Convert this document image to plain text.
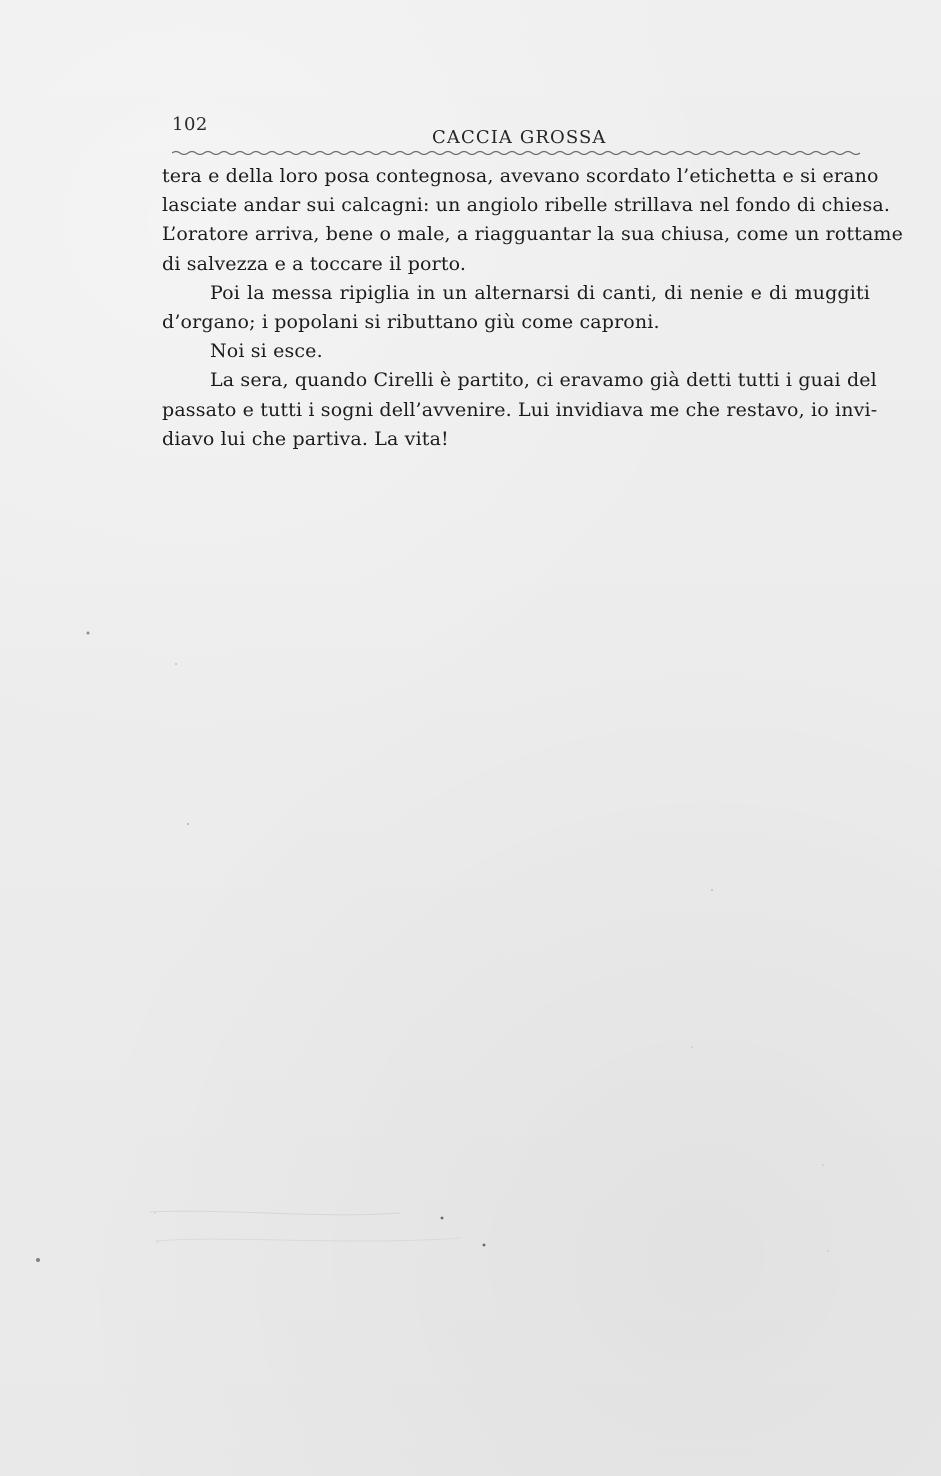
102
CACCIA GROSSA
tera e della loro posa contegnosa, avevano scordato l’etichetta e si erano
lasciate andar sui calcagni: un angiolo ribelle strillava nel fondo di chiesa.
L’oratore arriva, bene o male, a riagguantar la sua chiusa, come un rottame
di salvezza e a toccare il porto.
Poi la messa ripiglia in un alternarsi di canti, di nenie e di muggiti
d’organo; i popolani si ributtano giù come caproni.
Noi si esce.
La sera, quando Cirelli è partito, ci eravamo già detti tutti i guai del
passato e tutti i sogni dell’avvenire. Lui invidiava me che restavo, io invi-
diavo lui che partiva. La vita!
